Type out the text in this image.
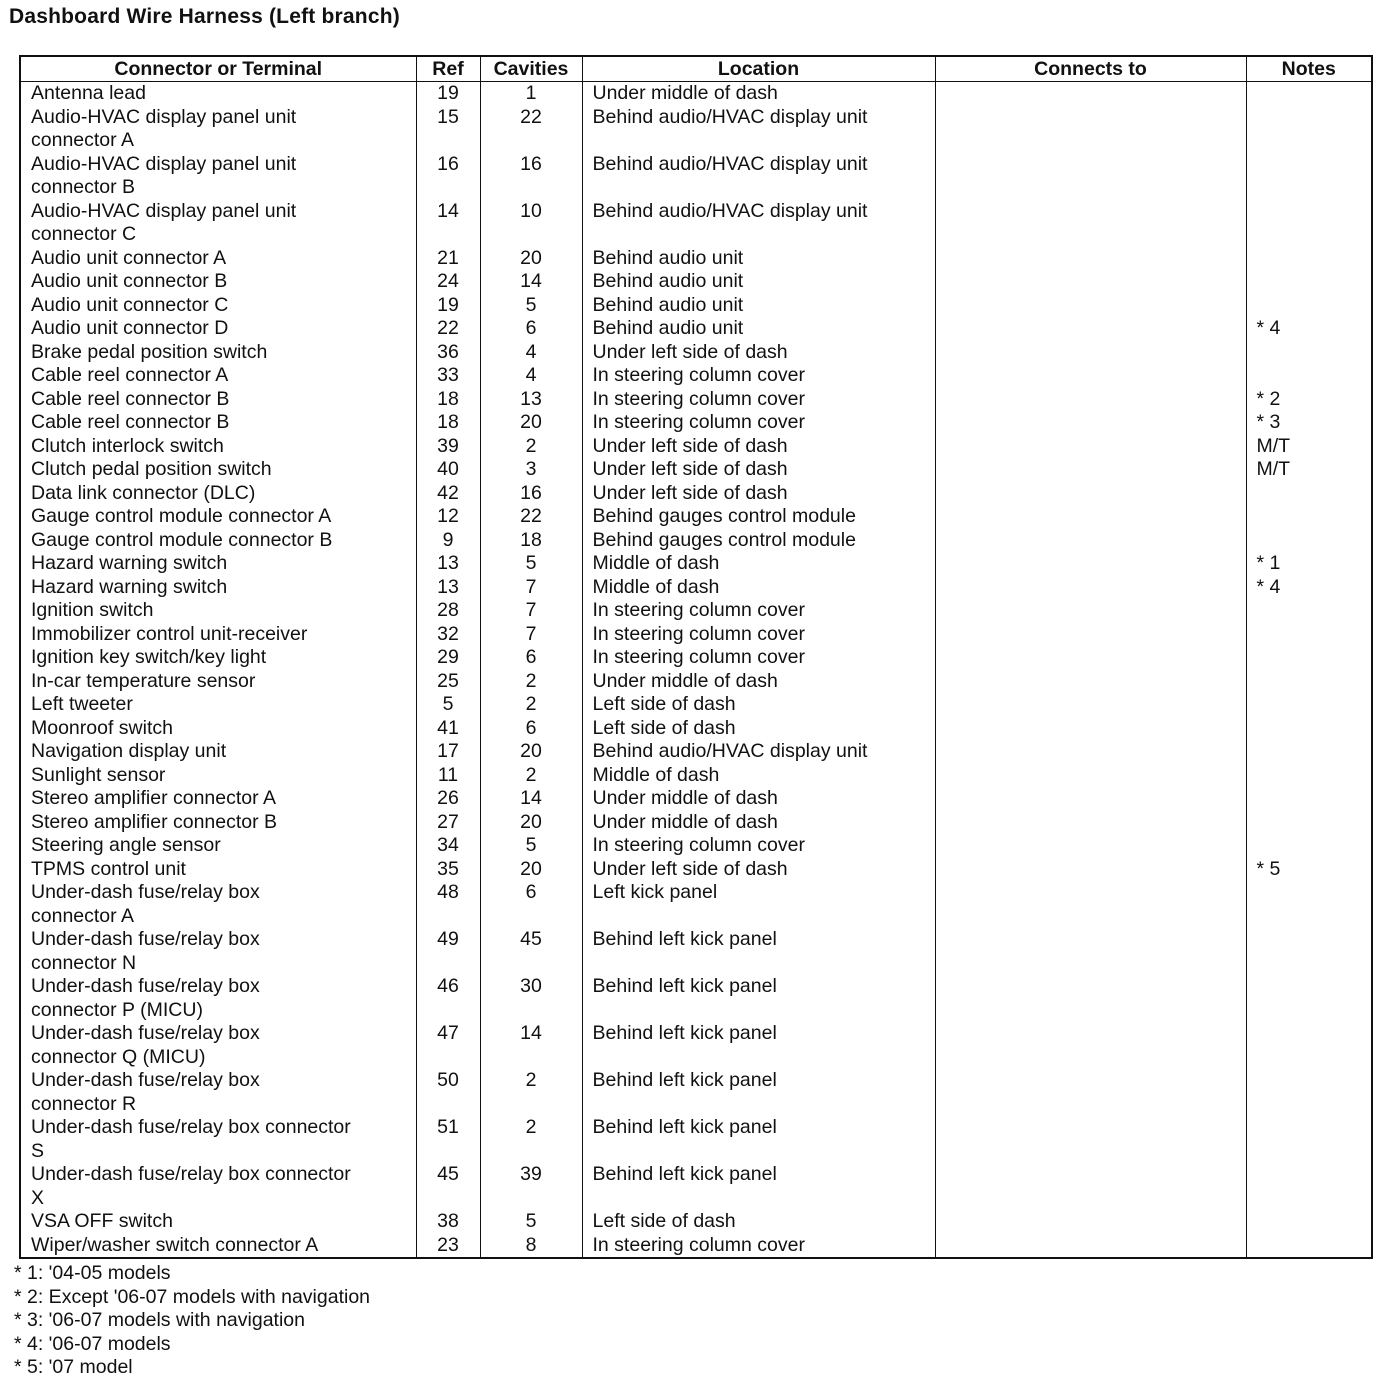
Dashboard Wire Harness (Left branch)
Connector or Terminal	Ref	Cavities	Location	Connects to	Notes

Antenna lead	19	1	Under middle of dash		

Audio-HVAC display panel unit
connector A	15	22	Behind audio/HVAC display unit		

Audio-HVAC display panel unit
connector B	16	16	Behind audio/HVAC display unit		

Audio-HVAC display panel unit
connector C	14	10	Behind audio/HVAC display unit		

Audio unit connector A	21	20	Behind audio unit		

Audio unit connector B	24	14	Behind audio unit		

Audio unit connector C	19	5	Behind audio unit		

Audio unit connector D	22	6	Behind audio unit		* 4

Brake pedal position switch	36	4	Under left side of dash		

Cable reel connector A	33	4	In steering column cover		

Cable reel connector B	18	13	In steering column cover		* 2

Cable reel connector B	18	20	In steering column cover		* 3

Clutch interlock switch	39	2	Under left side of dash		M/T

Clutch pedal position switch	40	3	Under left side of dash		M/T

Data link connector (DLC)	42	16	Under left side of dash		

Gauge control module connector A	12	22	Behind gauges control module		

Gauge control module connector B	9	18	Behind gauges control module		

Hazard warning switch	13	5	Middle of dash		* 1

Hazard warning switch	13	7	Middle of dash		* 4

Ignition switch	28	7	In steering column cover		

Immobilizer control unit-receiver	32	7	In steering column cover		

Ignition key switch/key light	29	6	In steering column cover		

In-car temperature sensor	25	2	Under middle of dash		

Left tweeter	5	2	Left side of dash		

Moonroof switch	41	6	Left side of dash		

Navigation display unit	17	20	Behind audio/HVAC display unit		

Sunlight sensor	11	2	Middle of dash		

Stereo amplifier connector A	26	14	Under middle of dash		

Stereo amplifier connector B	27	20	Under middle of dash		

Steering angle sensor	34	5	In steering column cover		

TPMS control unit	35	20	Under left side of dash		* 5

Under-dash fuse/relay box
connector A	48	6	Left kick panel		

Under-dash fuse/relay box
connector N	49	45	Behind left kick panel		

Under-dash fuse/relay box
connector P (MICU)	46	30	Behind left kick panel		

Under-dash fuse/relay box
connector Q (MICU)	47	14	Behind left kick panel		

Under-dash fuse/relay box
connector R	50	2	Behind left kick panel		

Under-dash fuse/relay box connector
S	51	2	Behind left kick panel		

Under-dash fuse/relay box connector
X	45	39	Behind left kick panel		

VSA OFF switch	38	5	Left side of dash		

Wiper/washer switch connector A	23	8	In steering column cover		
* 1: '04-05 models
* 2: Except '06-07 models with navigation
* 3: '06-07 models with navigation
* 4: '06-07 models
* 5: '07 model
